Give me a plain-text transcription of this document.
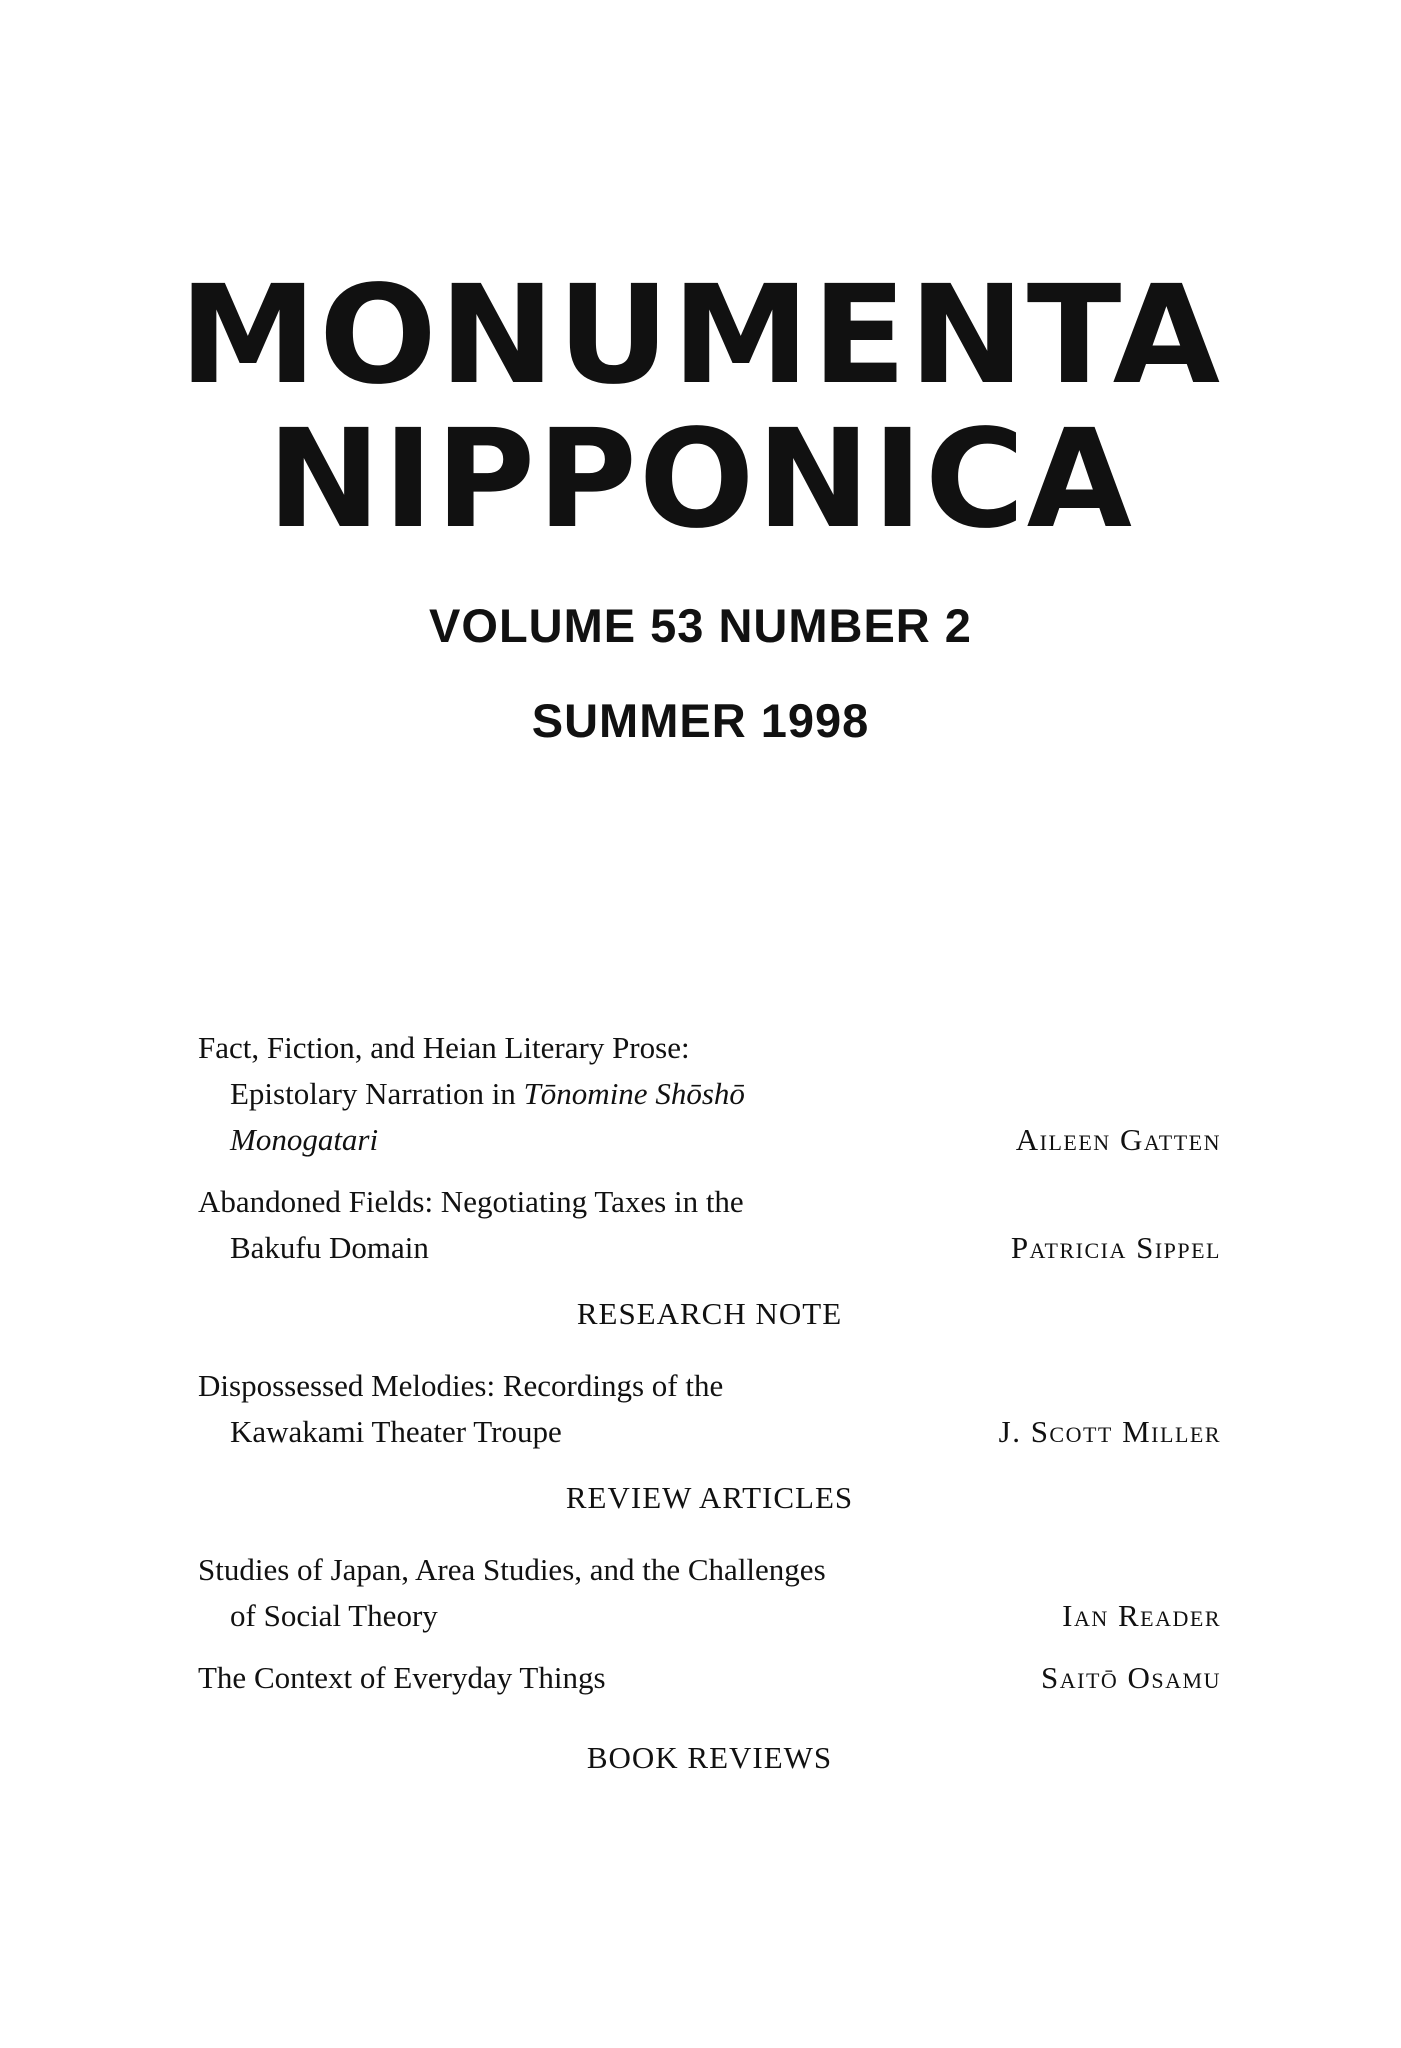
MONUMENTA
NIPPONICA
VOLUME 53 NUMBER 2
SUMMER 1998
Fact, Fiction, and Heian Literary Prose:
Epistolary Narration in Tōnomine Shōshō
Monogatari	Aileen Gatten
Abandoned Fields: Negotiating Taxes in the
Bakufu Domain	Patricia Sippel
RESEARCH NOTE
Dispossessed Melodies: Recordings of the
Kawakami Theater Troupe	J. Scott Miller
REVIEW ARTICLES
Studies of Japan, Area Studies, and the Challenges
of Social Theory	Ian Reader
The Context of Everyday Things	Saitō Osamu
BOOK REVIEWS
